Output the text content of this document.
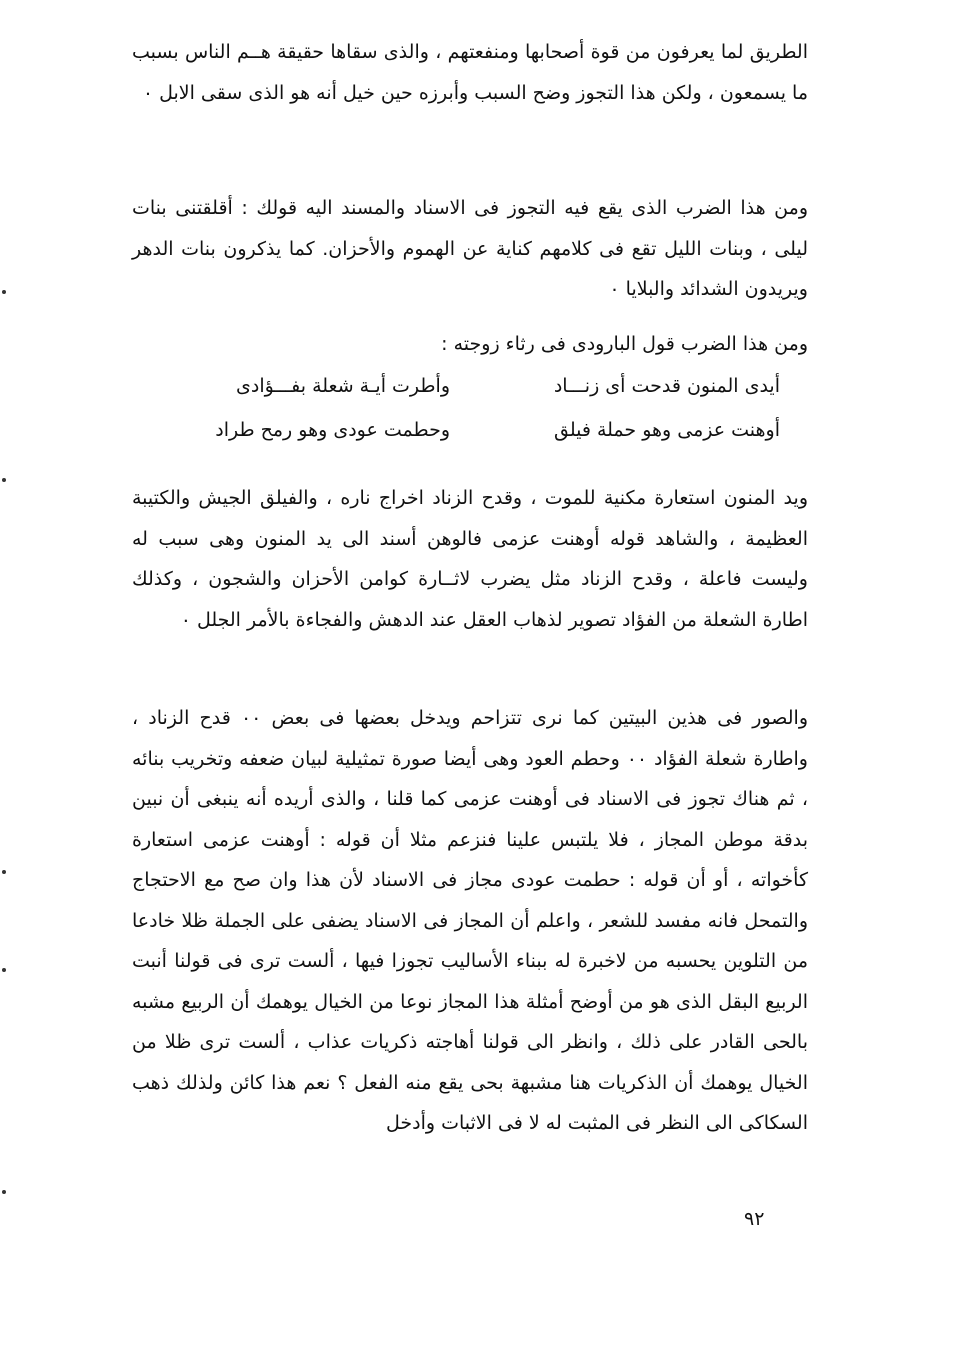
الطريق لما يعرفون من قوة أصحابها ومنفعتهم ، والذى سقاها حقيقة هــم الناس بسبب ما يسمعون ، ولكن هذا التجوز وضح السبب وأبرزه حين خيل أنه هو الذى سقى الابل ٠

ومن هذا الضرب الذى يقع فيه التجوز فى الاسناد والمسند اليه قولك : أقلقتنى بنات ليلى ، وبنات الليل تقع فى كلامهم كناية عن الهموم والأحزان. كما يذكرون بنات الدهر ويريدون الشدائد والبلايا ٠

ومن هذا الضرب قول البارودى فى رثاء زوجته :

أيدى المنون قدحت أى زنـــاد
وأطرت أيـة شعلة بفـــؤادى
أوهنت عزمى وهو حملة فيلق
وحطمت عودى وهو رمح طراد

ويد المنون استعارة مكنية للموت ، وقدح الزناد اخراج ناره ، والفيلق الجيش والكتيبة العظيمة ، والشاهد قوله أوهنت عزمى فالوهن أسند الى يد المنون وهى سبب له وليست فاعلة ، وقدح الزناد مثل يضرب لاثــارة كوامن الأحزان والشجون ، وكذلك اطارة الشعلة من الفؤاد تصوير لذهاب العقل عند الدهش والفجاءة بالأمر الجلل ٠

والصور فى هذين البيتين كما نرى تتزاحم ويدخل بعضها فى بعض ٠٠ قدح الزناد ، واطارة شعلة الفؤاد ٠٠ وحطم العود وهى أيضا صورة تمثيلية لبيان ضعفه وتخريب بنائه ، ثم هناك تجوز فى الاسناد فى أوهنت عزمى كما قلنا ، والذى أريده أنه ينبغى أن نبين بدقة موطن المجاز ، فلا يلتبس علينا فنزعم مثلا أن قوله : أوهنت عزمى استعارة كأخواته ، أو أن قوله : حطمت عودى مجاز فى الاسناد لأن هذا وان صح مع الاحتجاج والتمحل فانه مفسد للشعر ، واعلم أن المجاز فى الاسناد يضفى على الجملة ظلا خادعا من التلوين يحسبه من لاخبرة له ببناء الأساليب تجوزا فيها ، ألست ترى فى قولنا أنبت الربيع البقل الذى هو من أوضح أمثلة هذا المجاز نوعا من الخيال يوهمك أن الربيع مشبه بالحى القادر على ذلك ، وانظر الى قولنا أهاجته ذكريات عذاب ، ألست ترى ظلا من الخيال يوهمك أن الذكريات هنا مشبهة بحى يقع منه الفعل ؟ نعم هذا كائن ولذلك ذهب السكاكى الى النظر فى المثبت له لا فى الاثبات وأدخل

٩٢
